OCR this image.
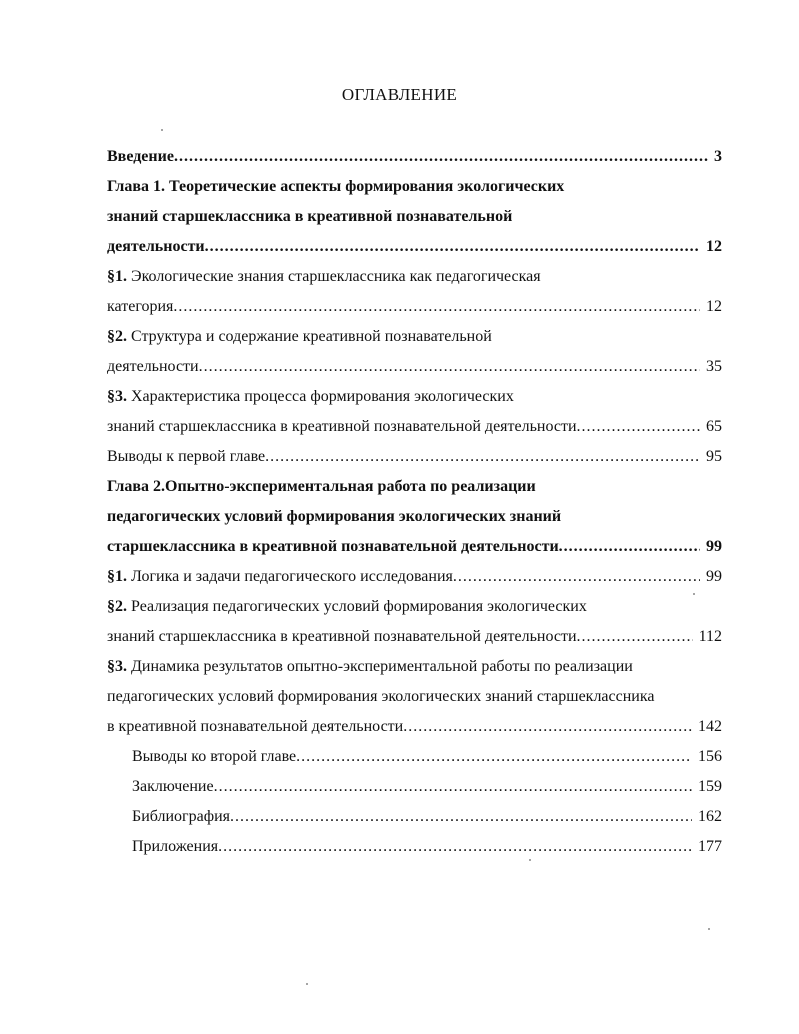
ОГЛАВЛЕНИЕ
Введение .....	3
Глава 1. Теоретические аспекты формирования экологических
знаний старшеклассника в креативной познавательной
деятельности .....	12
§1. Экологические знания старшеклассника как педагогическая
категория .....	12
§2. Структура и содержание креативной познавательной
деятельности .....	35
§3. Характеристика процесса формирования экологических
знаний старшеклассника в креативной познавательной деятельности .....	65
Выводы к первой главе .....	95
Глава 2.Опытно-экспериментальная работа по реализации
педагогических условий формирования экологических знаний
старшеклассника в креативной познавательной деятельности .....	99
§1. Логика и задачи педагогического исследования .....	99
§2. Реализация педагогических условий формирования экологических
знаний старшеклассника в креативной познавательной деятельности .....	112
§3. Динамика результатов опытно-экспериментальной работы по реализации
педагогических условий формирования экологических знаний старшеклассника
в креативной познавательной деятельности .....	142
Выводы ко второй главе .....	156
Заключение .....	159
Библиография .....	162
Приложения .....	177
